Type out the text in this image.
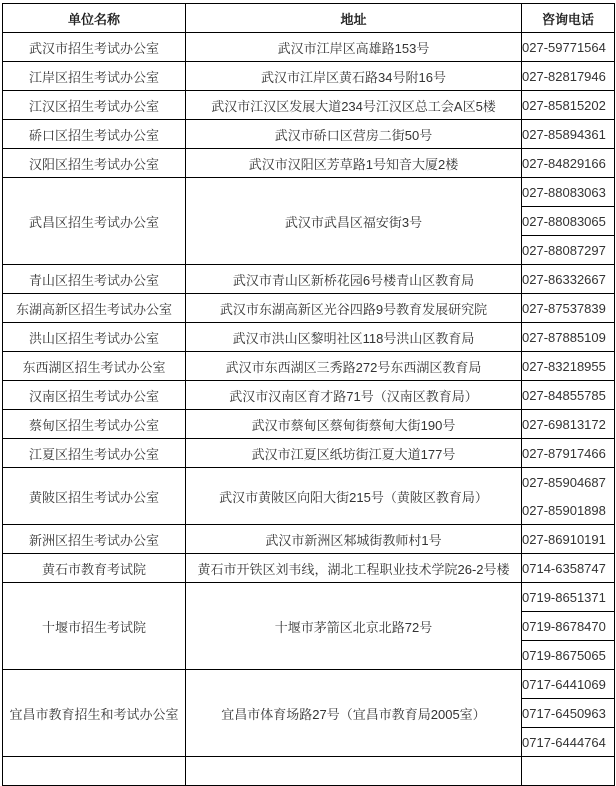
单位名称	地址	咨询电话
武汉市招生考试办公室	武汉市江岸区高雄路153号	027-59771564
江岸区招生考试办公室	武汉市江岸区黄石路34号附16号	027-82817946
江汉区招生考试办公室	武汉市江汉区发展大道234号江汉区总工会A区5楼	027-85815202
硚口区招生考试办公室	武汉市硚口区营房二街50号	027-85894361
汉阳区招生考试办公室	武汉市汉阳区芳草路1号知音大厦2楼	027-84829166
武昌区招生考试办公室	武汉市武昌区福安街3号	027-88083063
		027-88083065
		027-88087297
青山区招生考试办公室	武汉市青山区新桥花园6号楼青山区教育局	027-86332667
东湖高新区招生考试办公室	武汉市东湖高新区光谷四路9号教育发展研究院	027-87537839
洪山区招生考试办公室	武汉市洪山区黎明社区118号洪山区教育局	027-87885109
东西湖区招生考试办公室	武汉市东西湖区三秀路272号东西湖区教育局	027-83218955
汉南区招生考试办公室	武汉市汉南区育才路71号（汉南区教育局）	027-84855785
蔡甸区招生考试办公室	武汉市蔡甸区蔡甸街蔡甸大街190号	027-69813172
江夏区招生考试办公室	武汉市江夏区纸坊街江夏大道177号	027-87917466
黄陂区招生考试办公室	武汉市黄陂区向阳大街215号（黄陂区教育局）	027-85904687
		027-85901898
新洲区招生考试办公室	武汉市新洲区邾城街教师村1号	027-86910191
黄石市教育考试院	黄石市开铁区刘韦线，湖北工程职业技术学院26-2号楼	0714-6358747
十堰市招生考试院	十堰市茅箭区北京北路72号	0719-8651371
		0719-8678470
		0719-8675065
宜昌市教育招生和考试办公室	宜昌市体育场路27号（宜昌市教育局2005室）	0717-6441069
		0717-6450963
		0717-6444764
